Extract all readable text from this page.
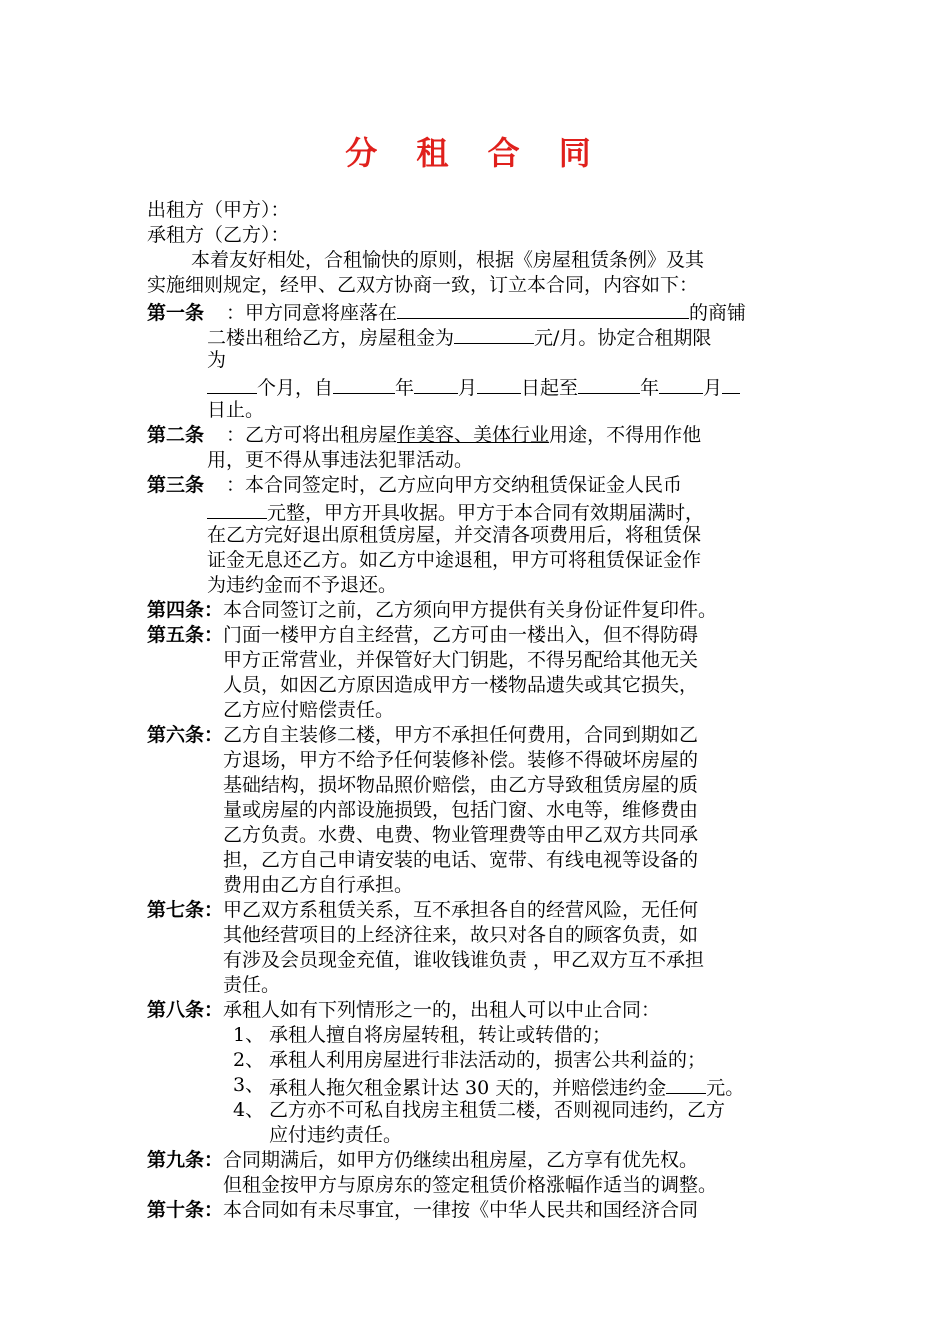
分 租 合 同
出租方（甲方）：
承租方（乙方）：
本着友好相处，合租愉快的原则，根据《房屋租赁条例》及其
实施细则规定，经甲、乙双方协商一致，订立本合同，内容如下：
第一条 ：甲方同意将座落在	的商铺
二楼出租给乙方，房屋租金为	元/月。协定合租期限
为
个月，自	年 月 日起至	年 月
日止。
第二条 ：乙方可将出租房屋作美容、美体行业用途，不得用作他
用，更不得从事违法犯罪活动。
第三条 ：本合同签定时，乙方应向甲方交纳租赁保证金人民币
元整，甲方开具收据。甲方于本合同有效期届满时，
在乙方完好退出原租赁房屋，并交清各项费用后，将租赁保
证金无息还乙方。如乙方中途退租，甲方可将租赁保证金作
为违约金而不予退还。
第四条： 本合同签订之前，乙方须向甲方提供有关身份证件复印件。
第五条： 门面一楼甲方自主经营，乙方可由一楼出入，但不得防碍
甲方正常营业，并保管好大门钥匙，不得另配给其他无关
人员，如因乙方原因造成甲方一楼物品遗失或其它损失，
乙方应付赔偿责任。
第六条： 乙方自主装修二楼，甲方不承担任何费用，合同到期如乙
方退场，甲方不给予任何装修补偿。装修不得破坏房屋的
基础结构，损坏物品照价赔偿，由乙方导致租赁房屋的质
量或房屋的内部设施损毁，包括门窗、水电等，维修费由
乙方负责。水费、电费、物业管理费等由甲乙双方共同承
担，乙方自己申请安装的电话、宽带、有线电视等设备的
费用由乙方自行承担。
第七条： 甲乙双方系租赁关系，互不承担各自的经营风险，无任何
其他经营项目的上经济往来，故只对各自的顾客负责，如
有涉及会员现金充值，谁收钱谁负责 ，甲乙双方互不承担
责任。
第八条： 承租人如有下列情形之一的，出租人可以中止合同：
1、 承租人擅自将房屋转租，转让或转借的；
2、 承租人利用房屋进行非法活动的，损害公共利益的；
3、 承租人拖欠租金累计达 30 天的，并赔偿违约金 元。
4、 乙方亦不可私自找房主租赁二楼，否则视同违约，乙方
应付违约责任。
第九条： 合同期满后，如甲方仍继续出租房屋，乙方享有优先权。
但租金按甲方与原房东的签定租赁价格涨幅作适当的调整。
第十条： 本合同如有未尽事宜，一律按《中华人民共和国经济合同
